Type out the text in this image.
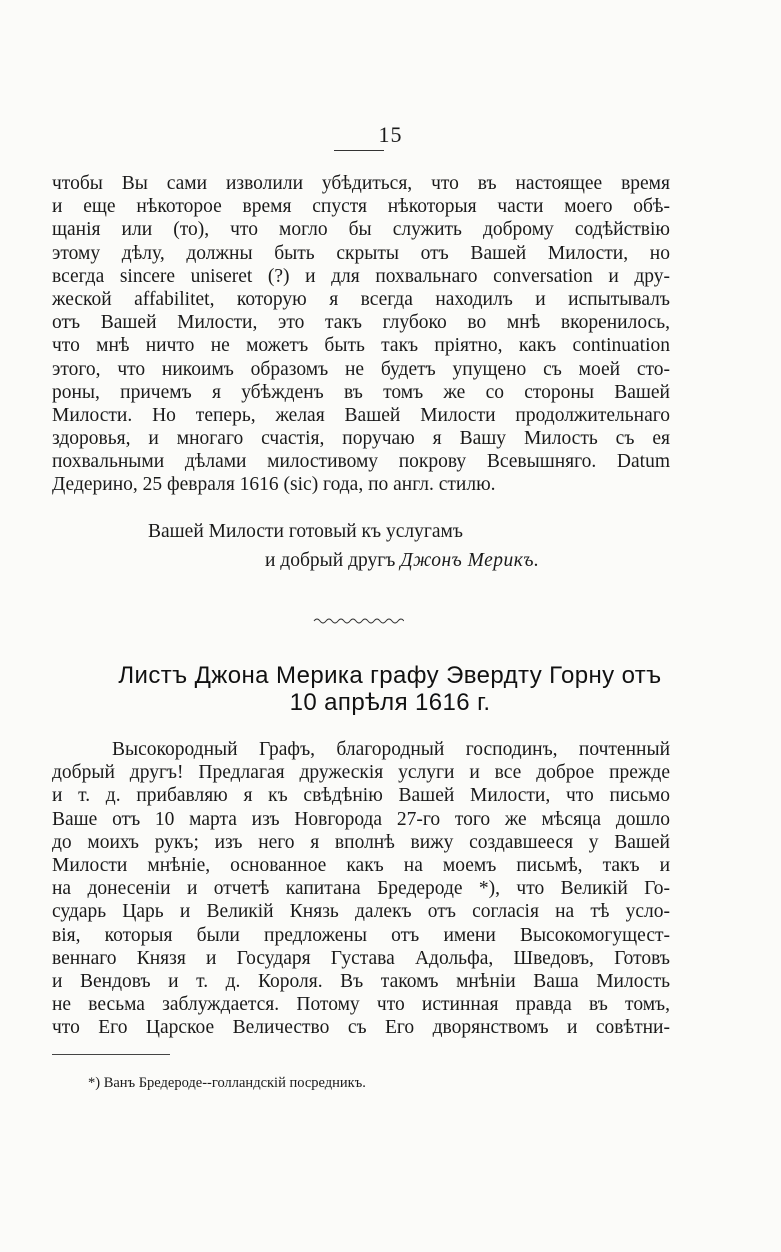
15
чтобы Вы сами изволили убѣдиться, что въ настоящее время
и еще нѣкоторое время спустя нѣкоторыя части моего обѣ-
щанія или (то), что могло бы служить доброму содѣйствію
этому дѣлу, должны быть скрыты отъ Вашей Милости, но
всегда sincere uniseret (?) и для похвальнаго conversation и дру-
жеской affabilitet, которую я всегда находилъ и испытывалъ
отъ Вашей Милости, это такъ глубоко во мнѣ вкоренилось,
что мнѣ ничто не можетъ быть такъ пріятно, какъ continuation
этого, что никоимъ образомъ не будетъ упущено съ моей сто-
роны, причемъ я убѣжденъ въ томъ же со стороны Вашей
Милости. Но теперь, желая Вашей Милости продолжительнаго
здоровья, и многаго счастія, поручаю я Вашу Милость съ ея
похвальными дѣлами милостивому покрову Всевышняго. Datum
Дедерино, 25 февраля 1616 (sic) года, по англ. стилю.
Вашей Милости готовый къ услугамъ
и добрый другъ Джонъ Мерикъ.
Листъ Джона Мерика графу Эвердту Горну отъ
10 апрѣля 1616 г.
Высокородный Графъ, благородный господинъ, почтенный
добрый другъ! Предлагая дружескія услуги и все доброе прежде
и т. д. прибавляю я къ свѣдѣнію Вашей Милости, что письмо
Ваше отъ 10 марта изъ Новгорода 27-го того же мѣсяца дошло
до моихъ рукъ; изъ него я вполнѣ вижу создавшееся у Вашей
Милости мнѣніе, основанное какъ на моемъ письмѣ, такъ и
на донесеніи и отчетѣ капитана Бредероде *), что Великій Го-
сударь Царь и Великій Князь далекъ отъ согласія на тѣ усло-
вія, которыя были предложены отъ имени Высокомогущест-
веннаго Князя и Государя Густава Адольфа, Шведовъ, Готовъ
и Вендовъ и т. д. Короля. Въ такомъ мнѣніи Ваша Милость
не весьма заблуждается. Потому что истинная правда въ томъ,
что Его Царское Величество съ Его дворянствомъ и совѣтни-
*) Ванъ Бредероде--голландскій посредникъ.
